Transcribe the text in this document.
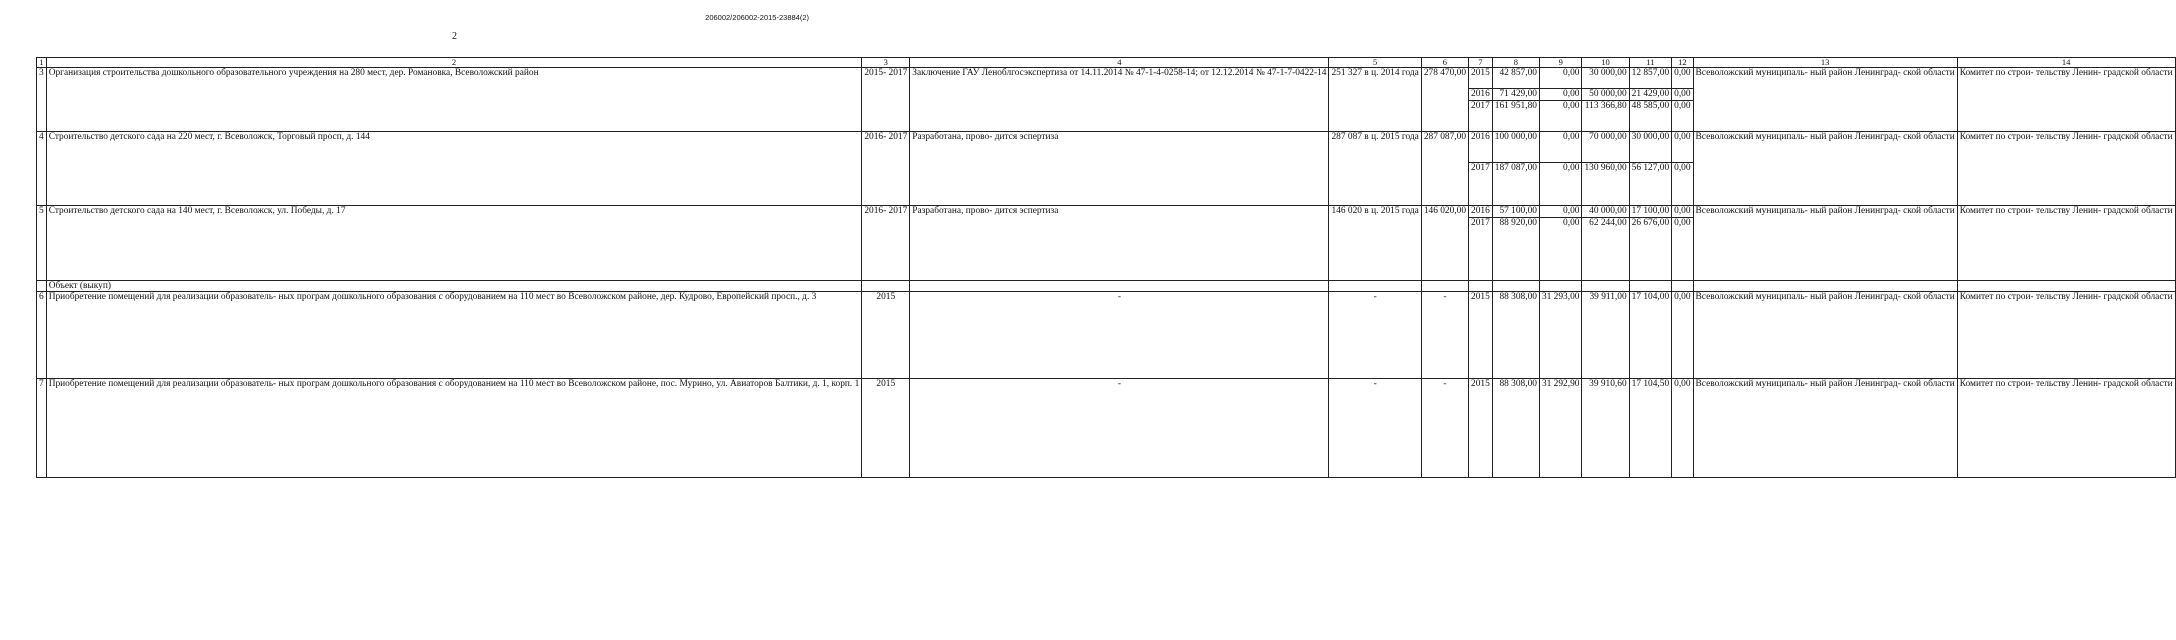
206002/206002-2015-23884(2)
2
1	2	3	4	5	6	7	8	9	10	11	12	13	14
3	Организация строительства дошкольного образовательного учреждения на 280 мест, дер. Романовка, Всеволожский район	2015- 2017	Заключение ГАУ Леноблгосэкспертиза от 14.11.2014 № 47-1-4-0258-14; от 12.12.2014 № 47-1-7-0422-14	251 327 в ц. 2014 года	278 470,00	2015	42 857,00	0,00	30 000,00	12 857,00	0,00	Всеволожский муниципаль- ный район Ленинград- ской области	Комитет по строи- тельству Ленин- градской области
						2016	71 429,00	0,00	50 000,00	21 429,00	0,00		
						2017	161 951,80	0,00	113 366,80	48 585,00	0,00		
4	Строительство детского сада на 220 мест, г. Всеволожск, Торговый просп, д. 144	2016- 2017	Разработана, прово- дится эспертиза	287 087 в ц. 2015 года	287 087,00	2016	100 000,00	0,00	70 000,00	30 000,00	0,00	Всеволожский муниципаль- ный район Ленинград- ской области	Комитет по строи- тельству Ленин- градской области
						2017	187 087,00	0,00	130 960,00	56 127,00	0,00		
5	Строительство детского сада на 140 мест, г. Всеволожск, ул. Победы, д. 17	2016- 2017	Разработана, прово- дится эспертиза	146 020 в ц. 2015 года	146 020,00	2016	57 100,00	0,00	40 000,00	17 100,00	0,00	Всеволожский муниципаль- ный район Ленинград- ской области	Комитет по строи- тельству Ленин- градской области
						2017	88 920,00	0,00	62 244,00	26 676,00	0,00		
	Объект (выкуп)												
6	Приобретение помещений для реализации образователь- ных програм дошкольного образования с оборудованием на 110 мест во Всеволожском районе, дер. Кудрово, Европейский просп., д. 3	2015	-	-	-	2015	88 308,00	31 293,00	39 911,00	17 104,00	0,00	Всеволожский муниципаль- ный район Ленинград- ской области	Комитет по строи- тельству Ленин- градской области
7	Приобретение помещений для реализации образователь- ных програм дошкольного образования с оборудованием на 110 мест во Всеволожском районе, пос. Мурино, ул. Авиаторов Балтики, д. 1, корп. 1	2015	-	-	-	2015	88 308,00	31 292,90	39 910,60	17 104,50	0,00	Всеволожский муниципаль- ный район Ленинград- ской области	Комитет по строи- тельству Ленин- градской области
